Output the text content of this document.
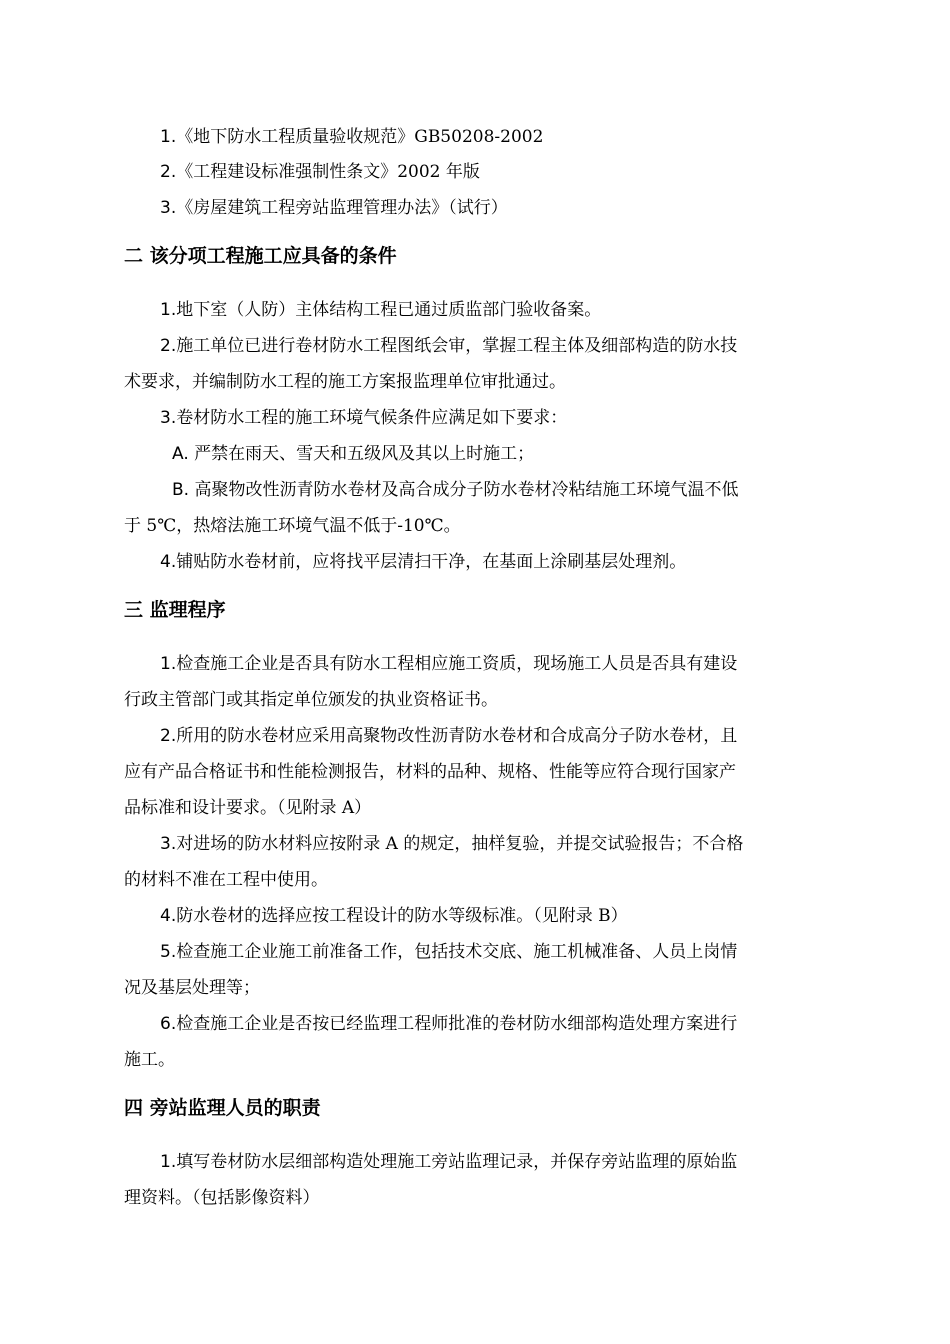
1.《地下防水工程质量验收规范》GB50208-2002
2.《工程建设标准强制性条文》2002 年版
3.《房屋建筑工程旁站监理管理办法》（试行）
二 该分项工程施工应具备的条件
1.地下室（人防）主体结构工程已通过质监部门验收备案。
2.施工单位已进行卷材防水工程图纸会审，掌握工程主体及细部构造的防水技
术要求，并编制防水工程的施工方案报监理单位审批通过。
3.卷材防水工程的施工环境气候条件应满足如下要求：
A. 严禁在雨天、雪天和五级风及其以上时施工；
B. 高聚物改性沥青防水卷材及高合成分子防水卷材冷粘结施工环境气温不低
于 5℃，热熔法施工环境气温不低于-10℃。
4.铺贴防水卷材前，应将找平层清扫干净，在基面上涂刷基层处理剂。
三 监理程序
1.检查施工企业是否具有防水工程相应施工资质，现场施工人员是否具有建设
行政主管部门或其指定单位颁发的执业资格证书。
2.所用的防水卷材应采用高聚物改性沥青防水卷材和合成高分子防水卷材，且
应有产品合格证书和性能检测报告，材料的品种、规格、性能等应符合现行国家产
品标准和设计要求。（见附录 A）
3.对进场的防水材料应按附录 A 的规定，抽样复验，并提交试验报告；不合格
的材料不准在工程中使用。
4.防水卷材的选择应按工程设计的防水等级标准。（见附录 B）
5.检查施工企业施工前准备工作，包括技术交底、施工机械准备、人员上岗情
况及基层处理等；
6.检查施工企业是否按已经监理工程师批准的卷材防水细部构造处理方案进行
施工。
四 旁站监理人员的职责
1.填写卷材防水层细部构造处理施工旁站监理记录，并保存旁站监理的原始监
理资料。（包括影像资料）
